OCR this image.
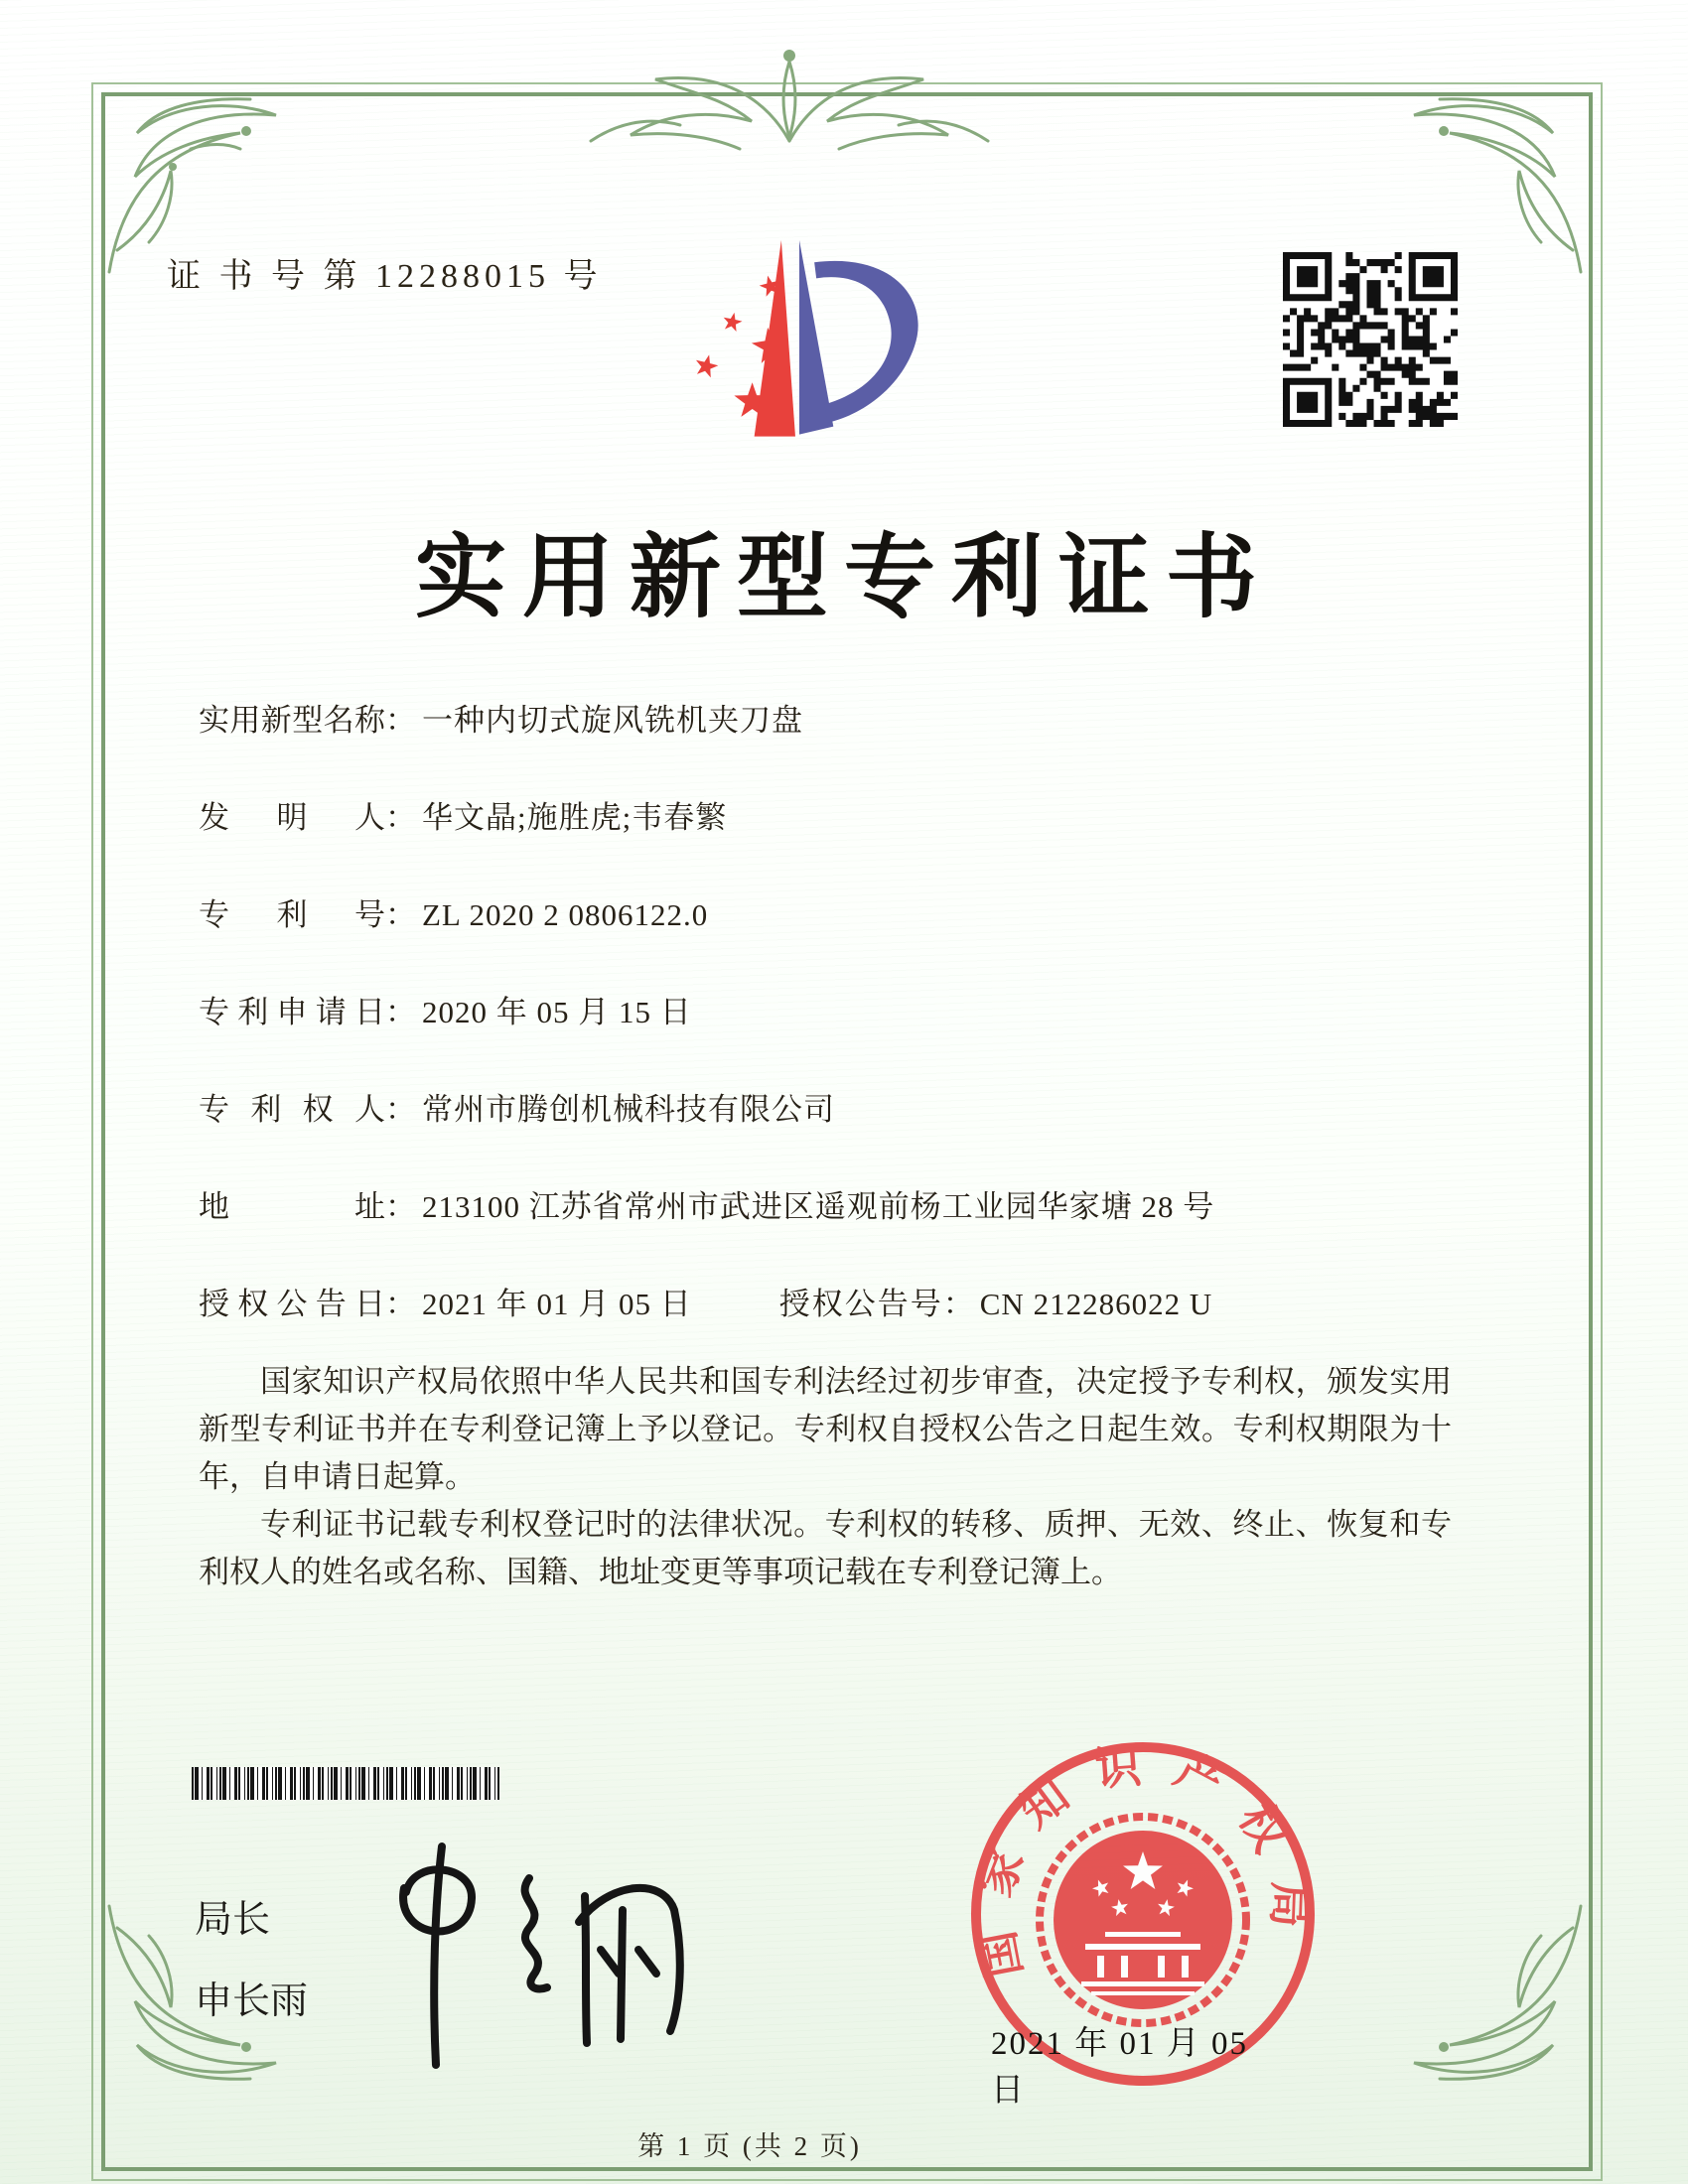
证 书 号 第 12288015 号
实用新型专利证书
实用新型名称： 一种内切式旋风铣机夹刀盘
发明人： 华文晶;施胜虎;韦春繁
专利号： ZL 2020 2 0806122.0
专利申请日： 2020 年 05 月 15 日
专利权人： 常州市腾创机械科技有限公司
地址： 213100 江苏省常州市武进区遥观前杨工业园华家塘 28 号
授权公告日： 2021 年 01 月 05 日	授权公告号： CN 212286022 U

国家知识产权局依照中华人民共和国专利法经过初步审查，决定授予专利权，颁发实用新型专利证书并在专利登记簿上予以登记。专利权自授权公告之日起生效。专利权期限为十年，自申请日起算。

专利证书记载专利权登记时的法律状况。专利权的转移、质押、无效、终止、恢复和专利权人的姓名或名称、国籍、地址变更等事项记载在专利登记簿上。

局长
申长雨
国家知识产权局
2021 年 01 月 05 日
第 1 页 (共 2 页)
